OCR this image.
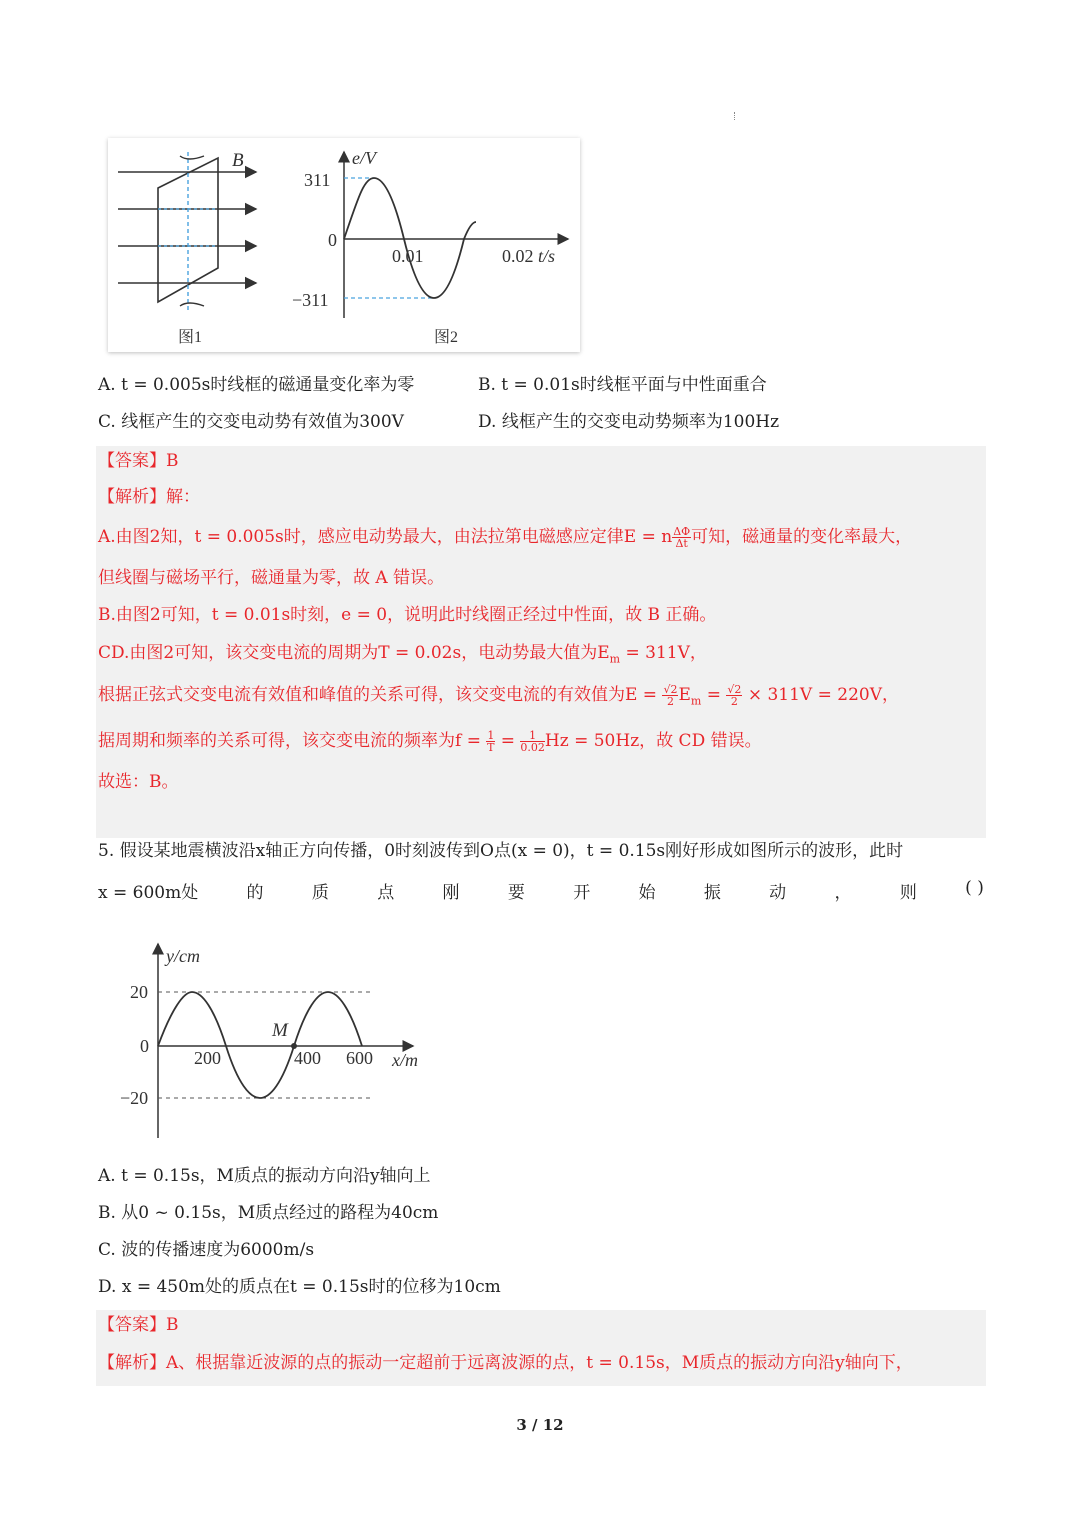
B
图1
e/V
311
0
−311
0.01	0.02 t/s
图2
A. t = 0.005s时线框的磁通量变化率为零	B. t = 0.01s时线框平面与中性面重合
C. 线框产生的交变电动势有效值为300V	D. 线框产生的交变电动势频率为100Hz
【答案】B
【解析】解：
A.由图2知，t = 0.005s时，感应电动势最大，由法拉第电磁感应定律E = n $\frac{\Delta\Phi}{\Delta t}$ 可知，磁通量的变化率最大，
但线圈与磁场平行，磁通量为零，故 A 错误。
B.由图2可知，t = 0.01s时刻，e = 0，说明此时线圈正经过中性面，故 B 正确。
CD.由图2可知，该交变电流的周期为T = 0.02s，电动势最大值为$E_m = 311V$，
根据正弦式交变电流有效值和峰值的关系可得，该交变电流的有效值为$E = \frac{√2}{2} E_m = \frac{√2}{2} \times 311V = 220V$，
据周期和频率的关系可得，该交变电流的频率为$f = \frac{1}{T} = \frac{1}{0.02}$ Hz = 50Hz，故 CD 错误。
故选：B。
5. 假设某地震横波沿x轴正方向传播，0时刻波传到O点(x = 0)，t = 0.15s刚好形成如图所示的波形，此时
x = 600m处	的	质	点	刚	要	开	始	振	动	，	则	( )
y/cm
20
0
−20
200	400 600 x/m
M
A. t = 0.15s，M质点的振动方向沿y轴向上
B. 从0 ~ 0.15s，M质点经过的路程为40cm
C. 波的传播速度为6000m/s
D. x = 450m处的质点在t = 0.15s时的位移为10cm
【答案】B
【解析】A、根据靠近波源的点的振动一定超前于远离波源的点，t = 0.15s，M质点的振动方向沿y轴向下，
3 / 12
